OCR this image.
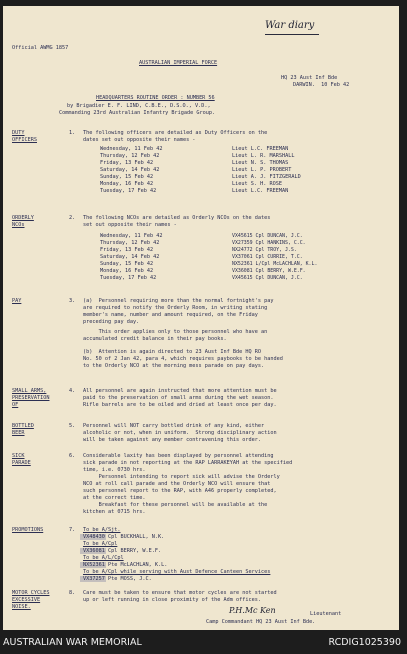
War diary
Official AWMG 1857
AUSTRALIAN IMPERIAL FORCE
HQ 23 Aust Inf Bde
DARWIN.  10 Feb 42
HEADQUARTERS ROUTINE ORDER : NUMBER 56
by Brigadier E. F. LIND, C.B.E., D.S.O., V.D.,
Commanding 23rd Australian Infantry Brigade Group.
DUTY
OFFICERS
1. The following officers are detailed as Duty Officers on the
dates set out opposite their names -
Wednesday, 11 Feb 42	Lieut L.C. FREEMAN
Thursday, 12 Feb 42	Lieut L. R. MARSHALL
Friday, 13 Feb 42	Lieut N. S. THOMAS
Saturday, 14 Feb 42	Lieut L. P. PROBERT
Sunday, 15 Feb 42	Lieut A. J. FITZGERALD
Monday, 16 Feb 42	Lieut S. H. ROSE
Tuesday, 17 Feb 42	Lieut L.C. FREEMAN
ORDERLY
NCOs
2. The following NCOs are detailed as Orderly NCOs on the dates
set out opposite their names -
Wednesday, 11 Feb 42	VX45615 Cpl DUNCAN, J.C.
Thursday, 12 Feb 42	VX27359 Cpl HANKINS, C.C.
Friday, 13 Feb 42	NX24772 Cpl TROY, J.S.
Saturday, 14 Feb 42	VX37061 Cpl CURRIE, T.C.
Sunday, 15 Feb 42	NX52361 L/Cpl McLACHLAN, K.L.
Monday, 16 Feb 42	VX36081 Cpl BERRY, W.E.F.
Tuesday, 17 Feb 42	VX45615 Cpl DUNCAN, J.C.
PAY	3. (a)  Personnel requiring more than the normal fortnight's pay
are required to notify the Orderly Room, in writing stating
member's name, number and amount required, on the Friday
preceding pay day.
This order applies only to those personnel who have an
accumulated credit balance in their pay books.
(b)  Attention is again directed to 23 Aust Inf Bde HQ RO
No. 50 of 2 Jan 42, para 4, which requires paybooks to be handed
to the Orderly NCO at the morning mess parade on pay days.
SMALL ARMS,
PRESERVATION
OF
4. All personnel are again instructed that more attention must be
paid to the preservation of small arms during the wet season.
Rifle barrels are to be oiled and dried at least once per day.
BOTTLED
BEER
5. Personnel will NOT carry bottled drink of any kind, either
alcoholic or not, when in uniform.  Strong disciplinary action
will be taken against any member contravening this order.
SICK
PARADE
6. Considerable laxity has been displayed by personnel attending
sick parade in not reporting at the RAP LARRAKEYAH at the specified
time, i.e. 0730 hrs.
Personnel intending to report sick will advise the Orderly
NCO at roll call parade and the Orderly NCO will ensure that
such personnel report to the RAP, with A46 properly completed,
at the correct time.
Breakfast for these personnel will be available at the
kitchen at 0715 hrs.
PROMOTIONS	7. To be A/Sjt.
VX48430 Cpl BUCKHALL, N.K.
To be A/Cpl
VX36081 Cpl BERRY, W.E.F.
To be A/L/Cpl
NX52361 Pte McLACHLAN, K.L.
To be A/Cpl while serving with Aust Defence Canteen Services
VX37257 Pte MOSS, J.C.
MOTOR CYCLES
EXCESSIVE
NOISE.
8. Care must be taken to ensure that motor cycles are not started
up or left running in close proximity of the Adm offices.
P.H.Mc Ken	Lieutenant
Camp Commandant HQ 23 Aust Inf Bde.
AUSTRALIAN WAR MEMORIAL	RCDIG1025390
